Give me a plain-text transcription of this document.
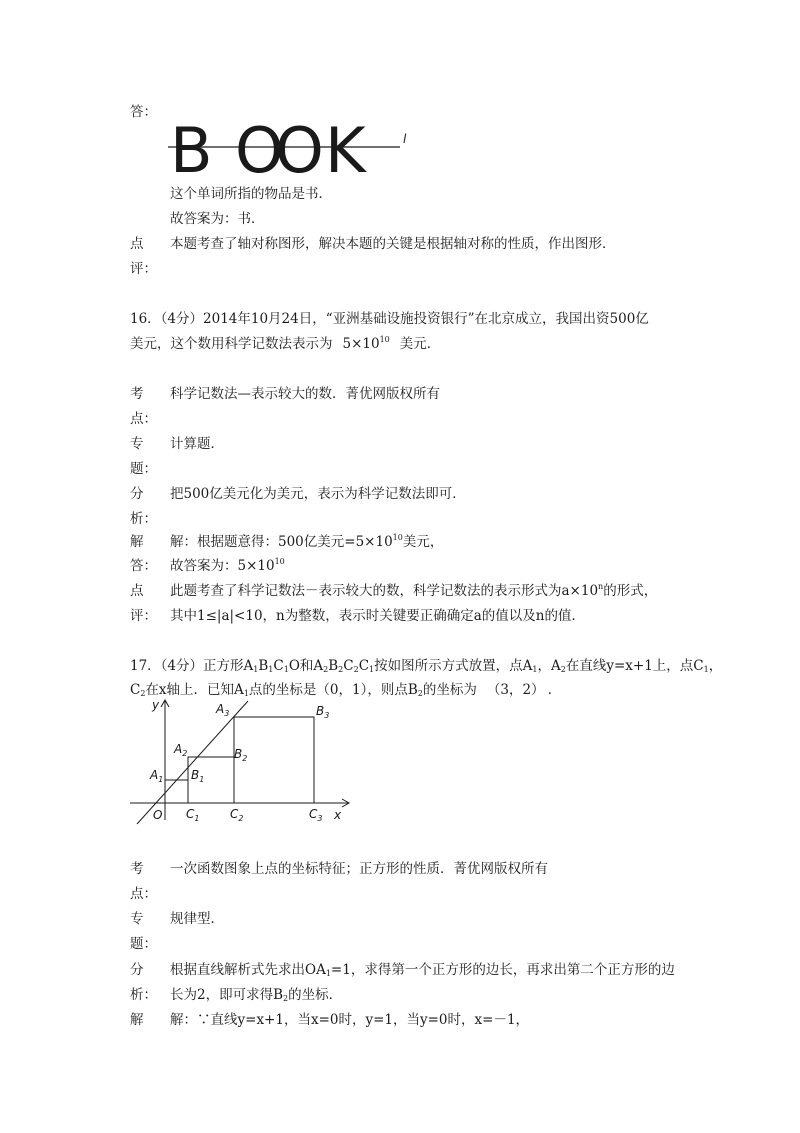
答：
B O
O K	l
这个单词所指的物品是书．
故答案为：书．
点
评：
本题考查了轴对称图形，解决本题的关键是根据轴对称的性质，作出图形．
16．（4分）2014年10月24日，“亚洲基础设施投资银行”在北京成立，我国出资500亿
美元，这个数用科学记数法表示为 $5\times 10^{10}$ 美元．
考
点：
科学记数法—表示较大的数．菁优网版权所有
专
题：
计算题．
分
析：
把500亿美元化为美元，表示为科学记数法即可．
解
答：
解：根据题意得：500亿美元$=5\times 10^{10}$美元，
故答案为：$5\times 10^{10}$
点
评：
此题考查了科学记数法－表示较大的数，科学记数法的表示形式为$a\times 10^n$的形式，
其中1≤|a|<10，n为整数，表示时关键要正确确定a的值以及n的值．
17．（4分）正方形$A_1B_1C_1O$和$A_2B_2C_2C_1$按如图所示方式放置，点$A_1$，$A_2$在直线y=x+1上，点$C_1$，
$C_2$在x轴上．已知$A_1$点的坐标是（0，1），则点$B_2$的坐标为 （3，2） ．
y
x
O
$A_1$
$A_2$
$A_3$
$B_1$
$B_2$
$B_3$
$C_1$	$C_2$	$C_3$
考
点：
一次函数图象上点的坐标特征；正方形的性质．菁优网版权所有
专
题：
规律型．
分
析：
根据直线解析式先求出$OA_1=1$，求得第一个正方形的边长，再求出第二个正方形的边
长为2，即可求得$B_2$的坐标．
解 解：∵直线y=x+1，当x=0时，y=1，当y=0时，x=－1，
